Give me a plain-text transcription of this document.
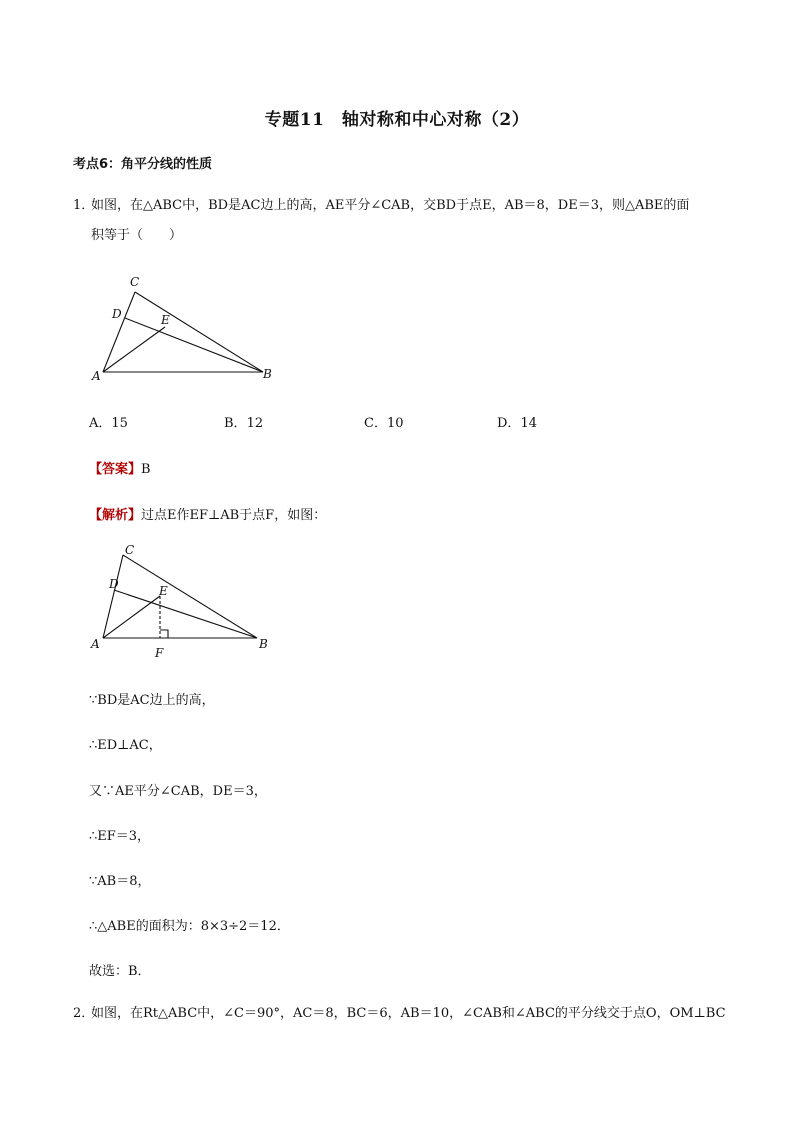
专题11　轴对称和中心对称（2）
考点6：角平分线的性质
1．
如图，在△ABC中，BD是AC边上的高，AE平分∠CAB，交BD于点E，AB＝8，DE＝3，则△ABE的面
积等于（　　）
C
D	E
A	B
A．15	B．12	C．10	D．14
【答案】B
【解析】过点E作EF⊥AB于点F，如图：
C
D	E
A	B
F
∵BD是AC边上的高，
∴ED⊥AC，
又∵AE平分∠CAB，DE＝3，
∴EF＝3，
∵AB＝8，
∴△ABE的面积为：8×3÷2＝12．
故选：B．
2．
如图，在Rt△ABC中，∠C＝90°，AC＝8，BC＝6，AB＝10，∠CAB和∠ABC的平分线交于点O，OM⊥BC
